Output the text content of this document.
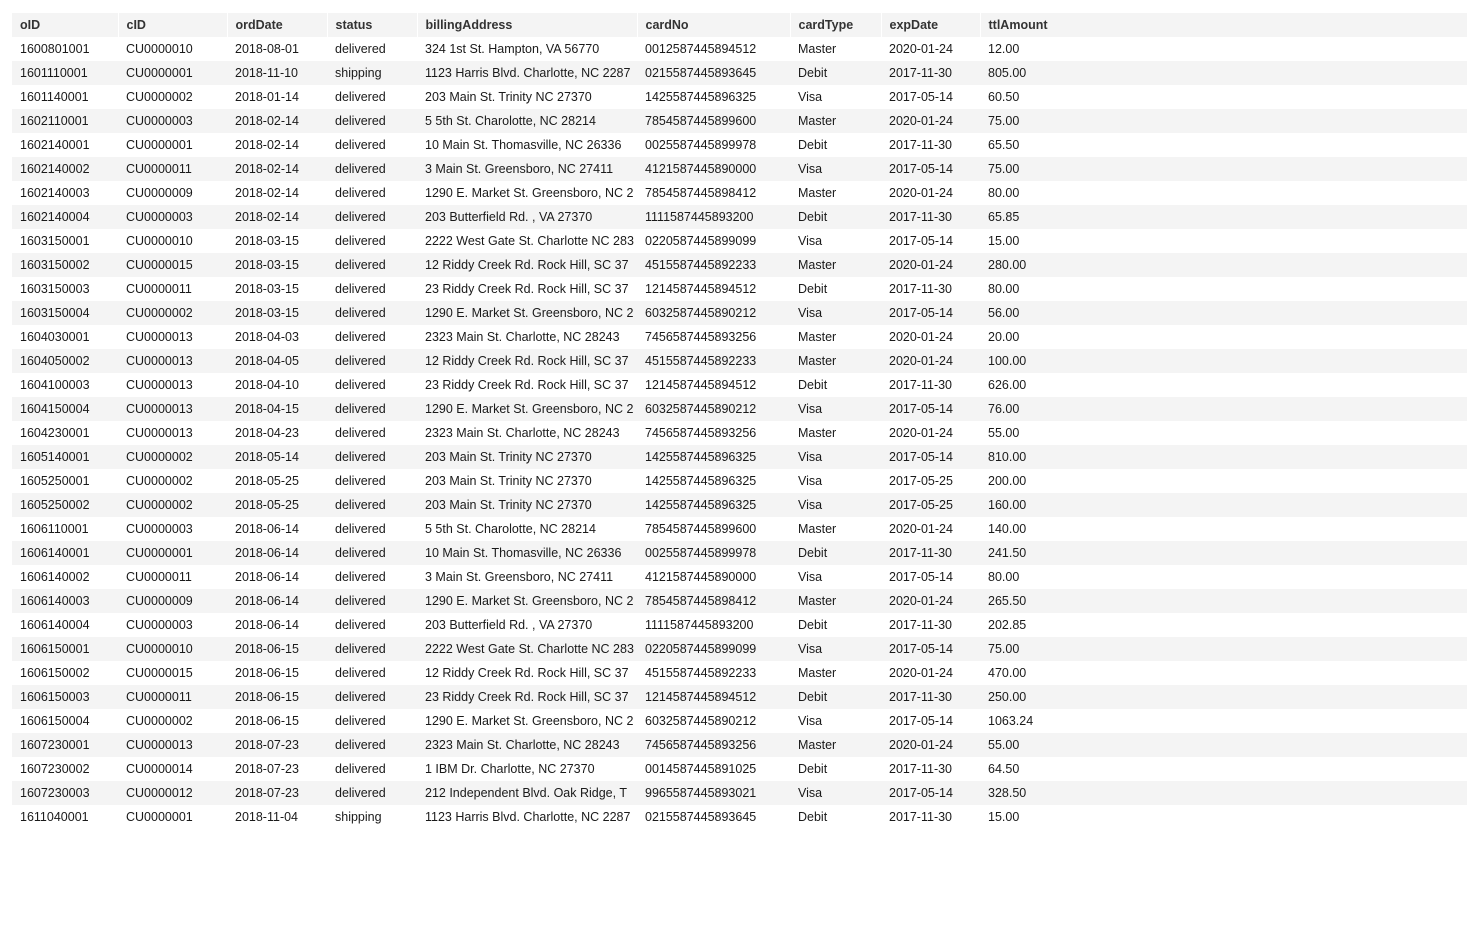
oID	cID	ordDate	status	billingAddress	cardNo	cardType	expDate	ttlAmount
1600801001	CU0000010	2018-08-01	delivered	324 1st St. Hampton, VA 56770	0012587445894512	Master	2020-01-24	12.00
1601110001	CU0000001	2018-11-10	shipping	1123 Harris Blvd. Charlotte, NC 2287	0215587445893645	Debit	2017-11-30	805.00
1601140001	CU0000002	2018-01-14	delivered	203 Main St. Trinity NC 27370	1425587445896325	Visa	2017-05-14	60.50
1602110001	CU0000003	2018-02-14	delivered	5 5th St. Charolotte, NC 28214	7854587445899600	Master	2020-01-24	75.00
1602140001	CU0000001	2018-02-14	delivered	10 Main St. Thomasville, NC 26336	0025587445899978	Debit	2017-11-30	65.50
1602140002	CU0000011	2018-02-14	delivered	3 Main St. Greensboro, NC 27411	4121587445890000	Visa	2017-05-14	75.00
1602140003	CU0000009	2018-02-14	delivered	1290 E. Market St. Greensboro, NC 2	7854587445898412	Master	2020-01-24	80.00
1602140004	CU0000003	2018-02-14	delivered	203 Butterfield Rd. , VA 27370	1111587445893200	Debit	2017-11-30	65.85
1603150001	CU0000010	2018-03-15	delivered	2222 West Gate St. Charlotte NC 283	0220587445899099	Visa	2017-05-14	15.00
1603150002	CU0000015	2018-03-15	delivered	12 Riddy Creek Rd. Rock Hill, SC 37	4515587445892233	Master	2020-01-24	280.00
1603150003	CU0000011	2018-03-15	delivered	23 Riddy Creek Rd. Rock Hill, SC 37	1214587445894512	Debit	2017-11-30	80.00
1603150004	CU0000002	2018-03-15	delivered	1290 E. Market St. Greensboro, NC 2	6032587445890212	Visa	2017-05-14	56.00
1604030001	CU0000013	2018-04-03	delivered	2323 Main St. Charlotte, NC 28243	7456587445893256	Master	2020-01-24	20.00
1604050002	CU0000013	2018-04-05	delivered	12 Riddy Creek Rd. Rock Hill, SC 37	4515587445892233	Master	2020-01-24	100.00
1604100003	CU0000013	2018-04-10	delivered	23 Riddy Creek Rd. Rock Hill, SC 37	1214587445894512	Debit	2017-11-30	626.00
1604150004	CU0000013	2018-04-15	delivered	1290 E. Market St. Greensboro, NC 2	6032587445890212	Visa	2017-05-14	76.00
1604230001	CU0000013	2018-04-23	delivered	2323 Main St. Charlotte, NC 28243	7456587445893256	Master	2020-01-24	55.00
1605140001	CU0000002	2018-05-14	delivered	203 Main St. Trinity NC 27370	1425587445896325	Visa	2017-05-14	810.00
1605250001	CU0000002	2018-05-25	delivered	203 Main St. Trinity NC 27370	1425587445896325	Visa	2017-05-25	200.00
1605250002	CU0000002	2018-05-25	delivered	203 Main St. Trinity NC 27370	1425587445896325	Visa	2017-05-25	160.00
1606110001	CU0000003	2018-06-14	delivered	5 5th St. Charolotte, NC 28214	7854587445899600	Master	2020-01-24	140.00
1606140001	CU0000001	2018-06-14	delivered	10 Main St. Thomasville, NC 26336	0025587445899978	Debit	2017-11-30	241.50
1606140002	CU0000011	2018-06-14	delivered	3 Main St. Greensboro, NC 27411	4121587445890000	Visa	2017-05-14	80.00
1606140003	CU0000009	2018-06-14	delivered	1290 E. Market St. Greensboro, NC 2	7854587445898412	Master	2020-01-24	265.50
1606140004	CU0000003	2018-06-14	delivered	203 Butterfield Rd. , VA 27370	1111587445893200	Debit	2017-11-30	202.85
1606150001	CU0000010	2018-06-15	delivered	2222 West Gate St. Charlotte NC 283	0220587445899099	Visa	2017-05-14	75.00
1606150002	CU0000015	2018-06-15	delivered	12 Riddy Creek Rd. Rock Hill, SC 37	4515587445892233	Master	2020-01-24	470.00
1606150003	CU0000011	2018-06-15	delivered	23 Riddy Creek Rd. Rock Hill, SC 37	1214587445894512	Debit	2017-11-30	250.00
1606150004	CU0000002	2018-06-15	delivered	1290 E. Market St. Greensboro, NC 2	6032587445890212	Visa	2017-05-14	1063.24
1607230001	CU0000013	2018-07-23	delivered	2323 Main St. Charlotte, NC 28243	7456587445893256	Master	2020-01-24	55.00
1607230002	CU0000014	2018-07-23	delivered	1 IBM Dr. Charlotte, NC 27370	0014587445891025	Debit	2017-11-30	64.50
1607230003	CU0000012	2018-07-23	delivered	212 Independent Blvd. Oak Ridge, T	9965587445893021	Visa	2017-05-14	328.50
1611040001	CU0000001	2018-11-04	shipping	1123 Harris Blvd. Charlotte, NC 2287	0215587445893645	Debit	2017-11-30	15.00
